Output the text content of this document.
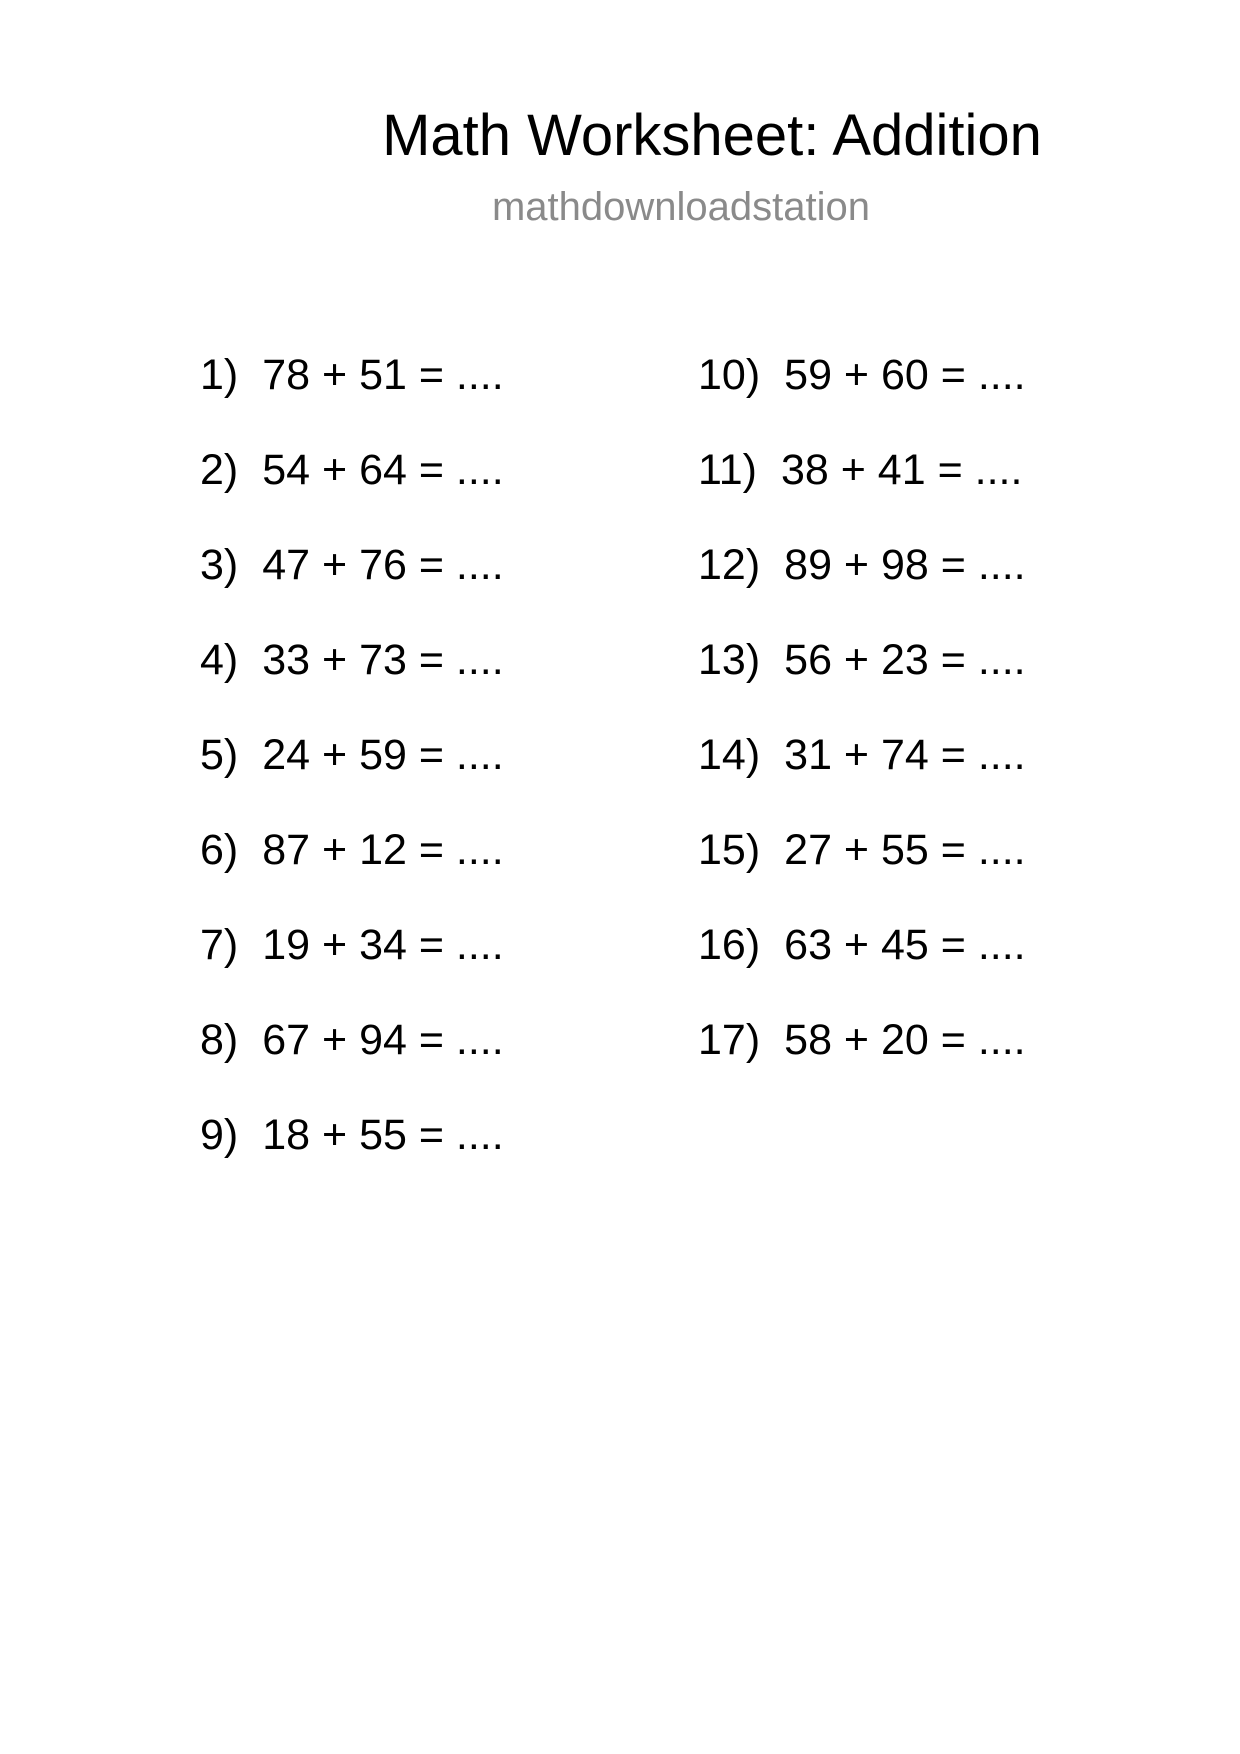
Math Worksheet: Addition
mathdownloadstation
1) 78 + 51 = ....
2) 54 + 64 = ....
3) 47 + 76 = ....
4) 33 + 73 = ....
5) 24 + 59 = ....
6) 87 + 12 = ....
7) 19 + 34 = ....
8) 67 + 94 = ....
9) 18 + 55 = ....
10) 59 + 60 = ....
11) 38 + 41 = ....
12) 89 + 98 = ....
13) 56 + 23 = ....
14) 31 + 74 = ....
15) 27 + 55 = ....
16) 63 + 45 = ....
17) 58 + 20 = ....
